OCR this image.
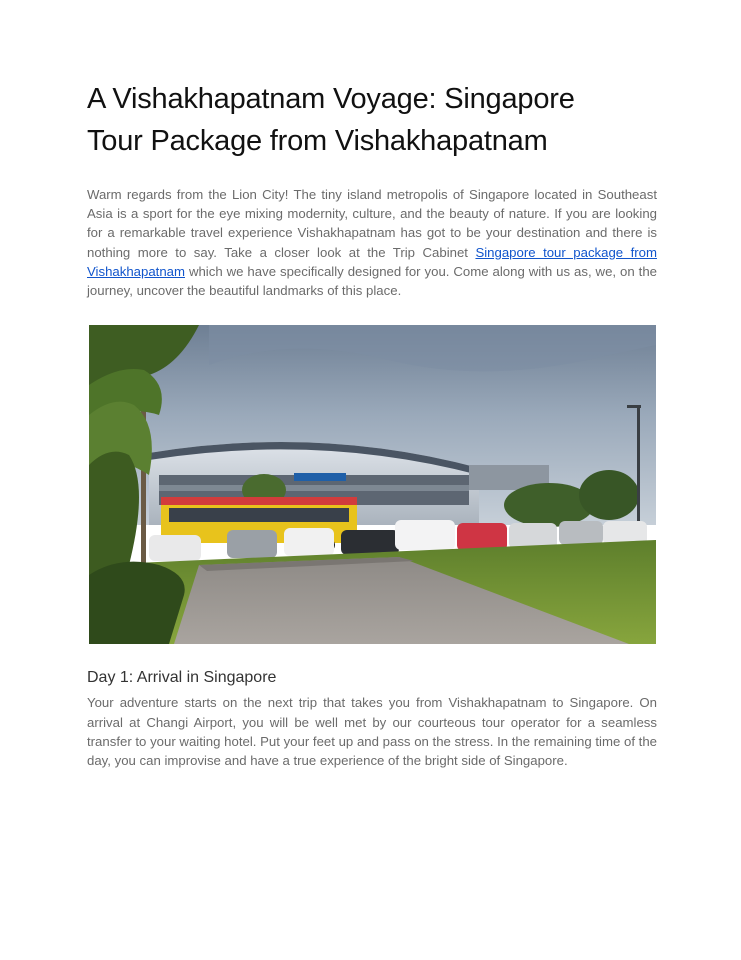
A Vishakhapatnam Voyage: Singapore
Tour Package from Vishakhapatnam

Warm regards from the Lion City! The tiny island metropolis of Singapore located in Southeast Asia is a sport for the eye mixing modernity, culture, and the beauty of nature. If you are looking for a remarkable travel experience Vishakhapatnam has got to be your destination and there is nothing more to say. Take a closer look at the Trip Cabinet Singapore tour package from Vishakhapatnam which we have specifically designed for you. Come along with us as, we, on the journey, uncover the beautiful landmarks of this place.

Day 1: Arrival in Singapore

Your adventure starts on the next trip that takes you from Vishakhapatnam to Singapore. On arrival at Changi Airport, you will be well met by our courteous tour operator for a seamless transfer to your waiting hotel. Put your feet up and pass on the stress. In the remaining time of the day, you can improvise and have a true experience of the bright side of Singapore.
